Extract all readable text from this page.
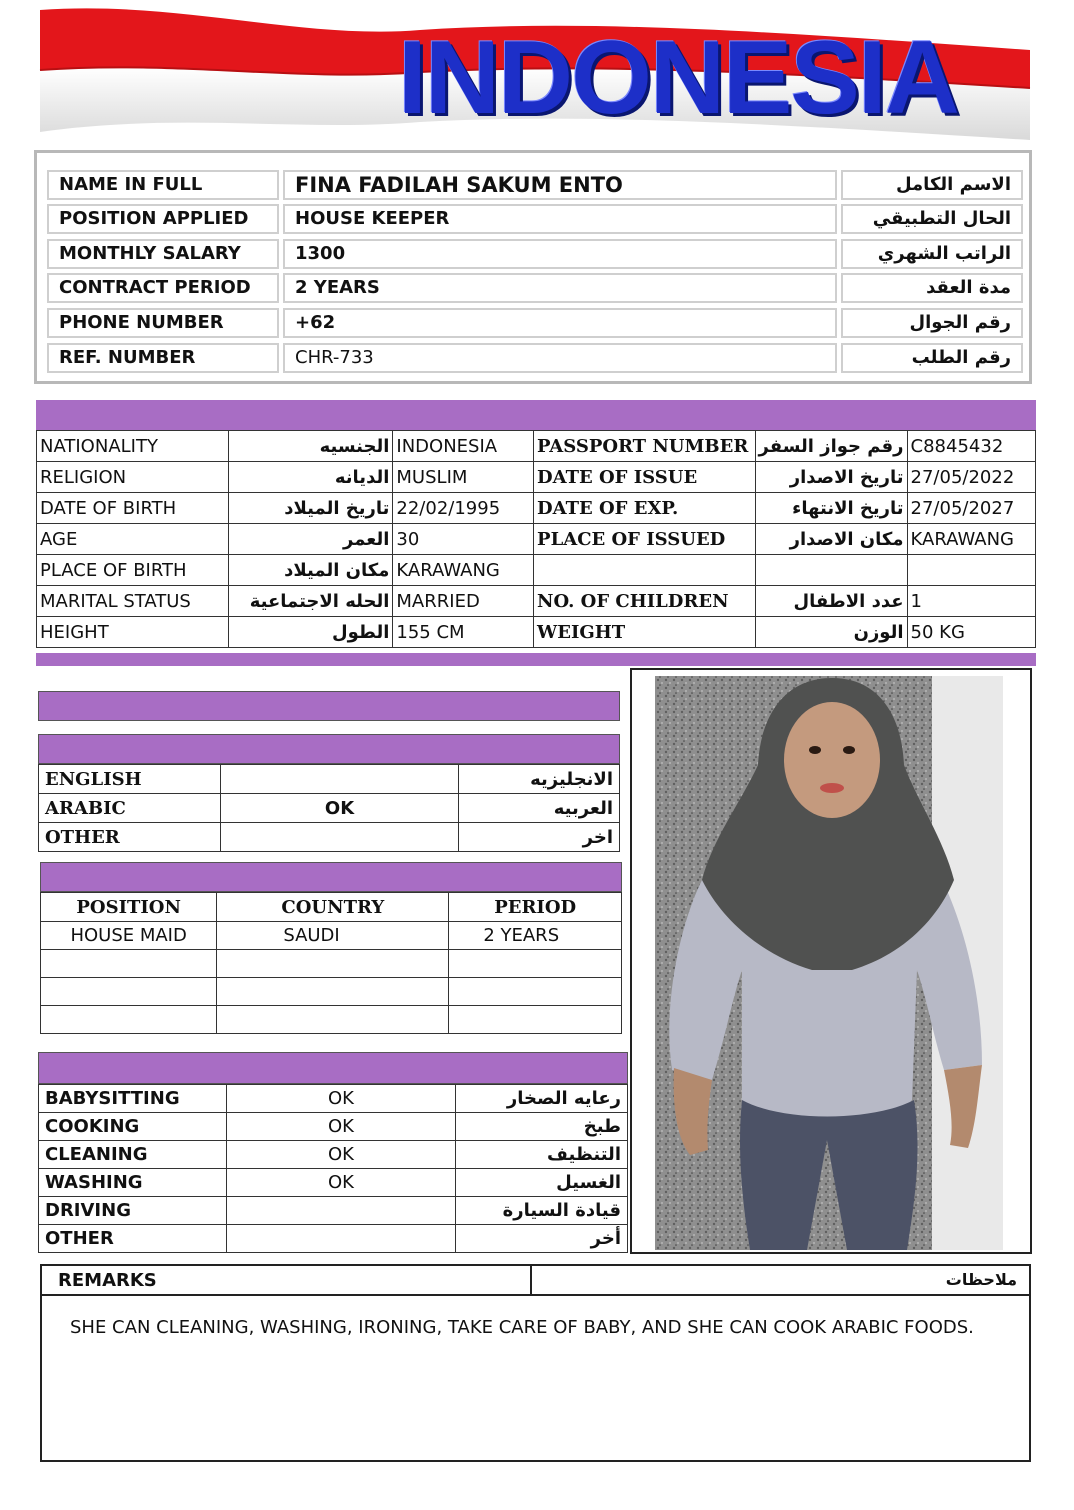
INDONESIA
NAME IN FULL	FINA FADILAH SAKUM ENTO	الاسم الكامل
POSITION APPLIED	HOUSE KEEPER	الحال التطبيقي
MONTHLY SALARY	1300	الراتب الشهري
CONTRACT PERIOD	2 YEARS	مدة العقد
PHONE NUMBER	+62	رقم الجوال
REF. NUMBER	CHR-733	رقم الطلب
NATIONALITY	الجنسيه	INDONESIA	PASSPORT NUMBER	رقم جواز السفر	C8845432
RELIGION	الديانه	MUSLIM	DATE OF ISSUE	تاريخ الاصدار	27/05/2022
DATE OF BIRTH	تاريخ الميلاد	22/02/1995	DATE OF EXP.	تاريخ الانتهاء	27/05/2027
AGE	العمر	30	PLACE OF ISSUED	مكان الاصدار	KARAWANG
PLACE OF BIRTH	مكان الميلاد	KARAWANG			
MARITAL STATUS	الحله الاجتماعية	MARRIED	NO. OF CHILDREN	عدد الاطفال	1
HEIGHT	الطول	155 CM	WEIGHT	الوزن	50 KG
ENGLISH		الانجليزيه
ARABIC	OK	العربيه
OTHER		اخر
POSITION	COUNTRY	PERIOD
HOUSE MAID	SAUDI	2 YEARS

BABYSITTING	OK	رعايه الصخار
COOKING	OK	طبخ
CLEANING	OK	التنظيف
WASHING	OK	الغسيل
DRIVING		قيادة السيارة
OTHER		أخر
REMARKS	ملاحظات
SHE CAN CLEANING, WASHING, IRONING, TAKE CARE OF BABY, AND SHE CAN COOK ARABIC FOODS.
